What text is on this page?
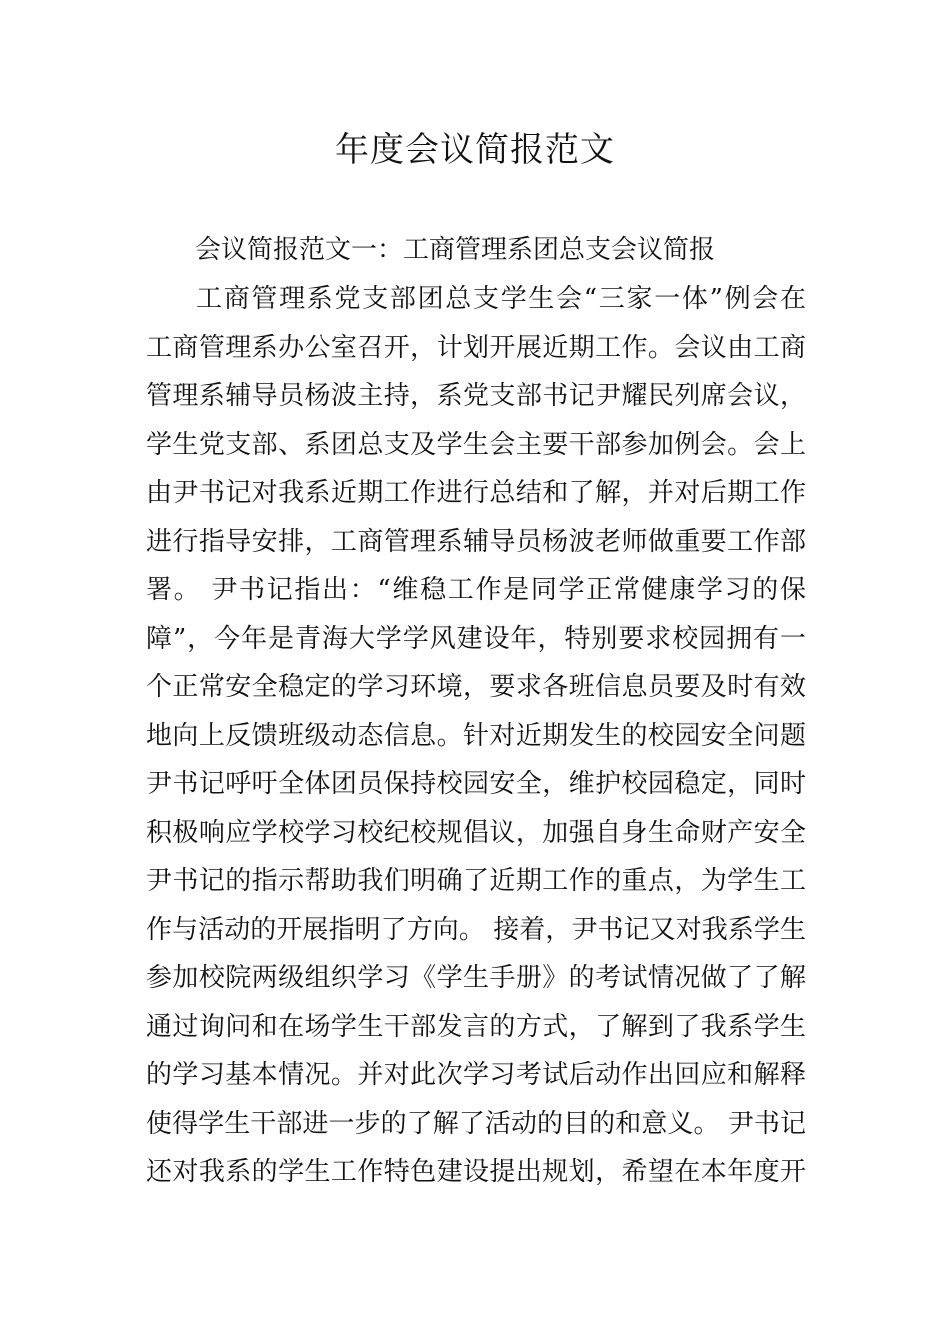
年度会议简报范文
会议简报范文一：工商管理系团总支会议简报
工商管理系党支部团总支学生会“三家一体”例会在
工商管理系办公室召开，计划开展近期工作。会议由工商
管理系辅导员杨波主持，系党支部书记尹耀民列席会议，
学生党支部、系团总支及学生会主要干部参加例会。会上
由尹书记对我系近期工作进行总结和了解，并对后期工作
进行指导安排，工商管理系辅导员杨波老师做重要工作部
署。 尹书记指出：“维稳工作是同学正常健康学习的保
障”，今年是青海大学学风建设年，特别要求校园拥有一
个正常安全稳定的学习环境，要求各班信息员要及时有效
地向上反馈班级动态信息。针对近期发生的校园安全问题
尹书记呼吁全体团员保持校园安全，维护校园稳定，同时
积极响应学校学习校纪校规倡议，加强自身生命财产安全
尹书记的指示帮助我们明确了近期工作的重点，为学生工
作与活动的开展指明了方向。 接着，尹书记又对我系学生
参加校院两级组织学习《学生手册》的考试情况做了了解
通过询问和在场学生干部发言的方式，了解到了我系学生
的学习基本情况。并对此次学习考试后动作出回应和解释
使得学生干部进一步的了解了活动的目的和意义。 尹书记
还对我系的学生工作特色建设提出规划，希望在本年度开
